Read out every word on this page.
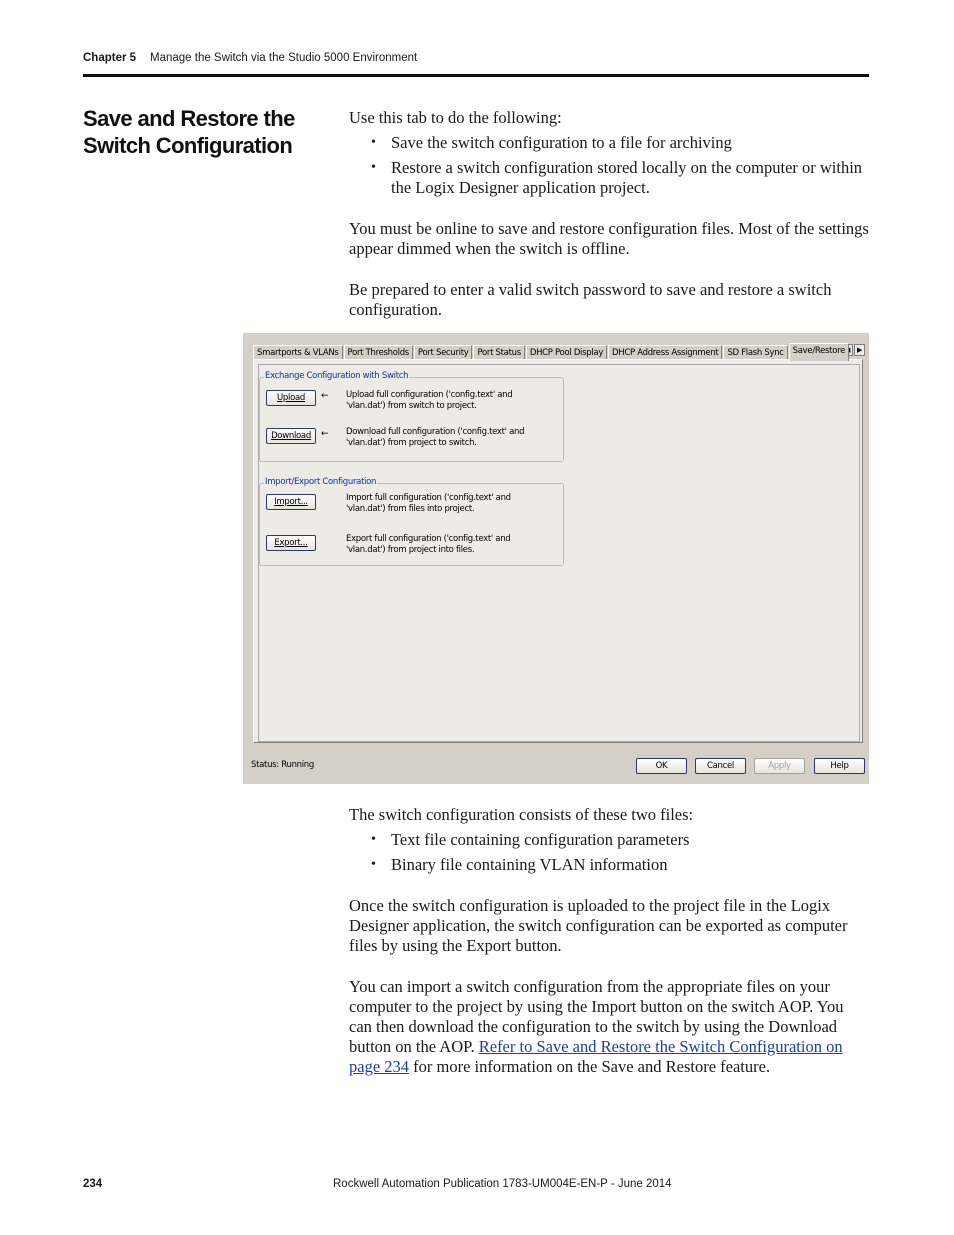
Chapter 5 Manage the Switch via the Studio 5000 Environment
Save and Restore the
Switch Configuration
Use this tab to do the following:
• Save the switch configuration to a file for archiving
• Restore a switch configuration stored locally on the computer or within the Logix Designer application project.
You must be online to save and restore configuration files. Most of the settings appear dimmed when the switch is offline.
Be prepared to enter a valid switch password to save and restore a switch configuration.
Smartports & VLANs	Port Thresholds	Port Security	Port Status	DHCP Pool Display	DHCP Address Assignment	SD Flash Sync	Save/Restore	▶
Exchange Configuration with Switch
Upload	← Upload full configuration ('config.text' and 'vlan.dat') from switch to project.
Download	← Download full configuration ('config.text' and 'vlan.dat') from project to switch.
Import/Export Configuration
Import...	Import full configuration ('config.text' and 'vlan.dat') from files into project.
Export...	Export full configuration ('config.text' and 'vlan.dat') from project into files.
Status: Running	OK	Cancel	Apply	Help
The switch configuration consists of these two files:
• Text file containing configuration parameters
• Binary file containing VLAN information
Once the switch configuration is uploaded to the project file in the Logix Designer application, the switch configuration can be exported as computer files by using the Export button.
You can import a switch configuration from the appropriate files on your computer to the project by using the Import button on the switch AOP. You can then download the configuration to the switch by using the Download button on the AOP. Refer to Save and Restore the Switch Configuration on page 234 for more information on the Save and Restore feature.
234	Rockwell Automation Publication 1783-UM004E-EN-P - June 2014
